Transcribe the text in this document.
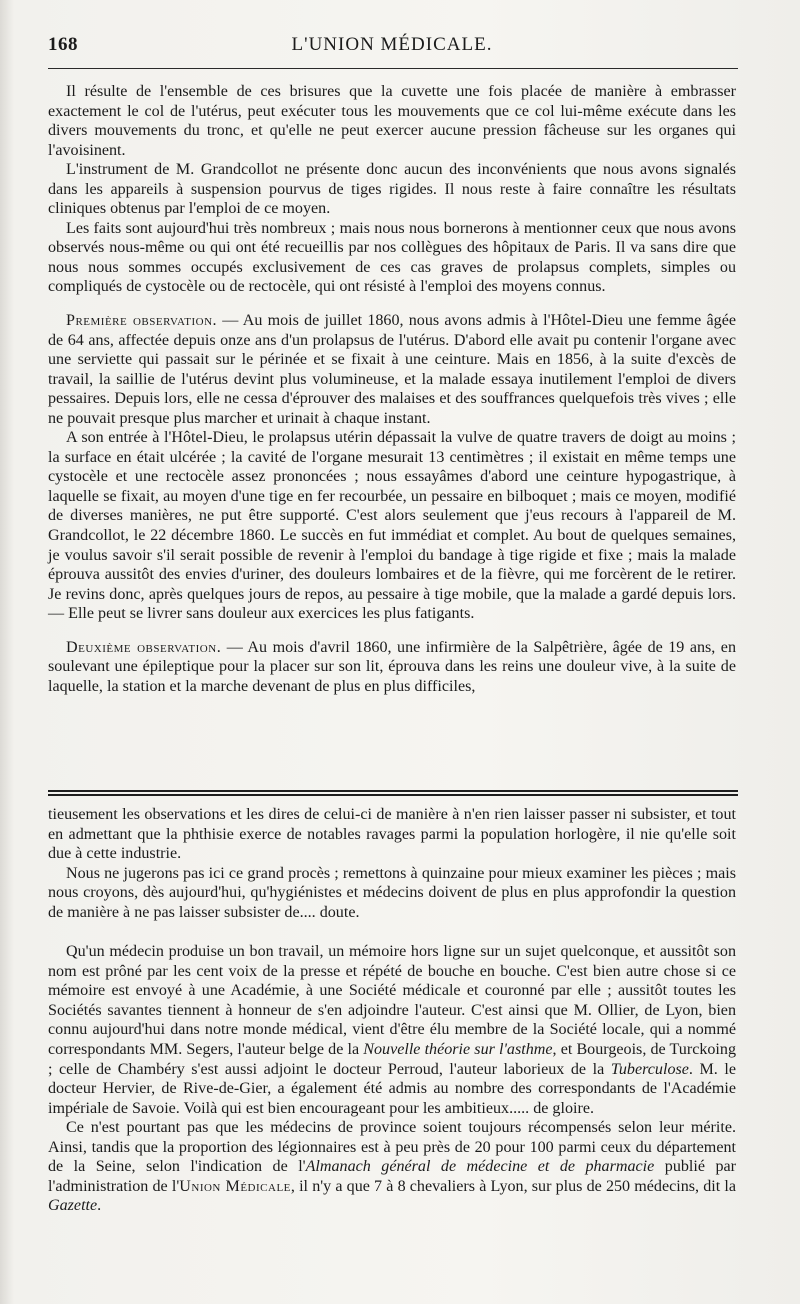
168	L'UNION MÉDICALE.

Il résulte de l'ensemble de ces brisures que la cuvette une fois placée de manière à embrasser exactement le col de l'utérus, peut exécuter tous les mouvements que ce col lui-même exécute dans les divers mouvements du tronc, et qu'elle ne peut exercer aucune pression fâcheuse sur les organes qui l'avoisinent.

L'instrument de M. Grandcollot ne présente donc aucun des inconvénients que nous avons signalés dans les appareils à suspension pourvus de tiges rigides. Il nous reste à faire connaître les résultats cliniques obtenus par l'emploi de ce moyen.

Les faits sont aujourd'hui très nombreux ; mais nous nous bornerons à mentionner ceux que nous avons observés nous-même ou qui ont été recueillis par nos collègues des hôpitaux de Paris. Il va sans dire que nous nous sommes occupés exclusivement de ces cas graves de prolapsus complets, simples ou compliqués de cystocèle ou de rectocèle, qui ont résisté à l'emploi des moyens connus.

Première observation. — Au mois de juillet 1860, nous avons admis à l'Hôtel-Dieu une femme âgée de 64 ans, affectée depuis onze ans d'un prolapsus de l'utérus. D'abord elle avait pu contenir l'organe avec une serviette qui passait sur le périnée et se fixait à une ceinture. Mais en 1856, à la suite d'excès de travail, la saillie de l'utérus devint plus volumineuse, et la malade essaya inutilement l'emploi de divers pessaires. Depuis lors, elle ne cessa d'éprouver des malaises et des souffrances quelquefois très vives ; elle ne pouvait presque plus marcher et urinait à chaque instant.

A son entrée à l'Hôtel-Dieu, le prolapsus utérin dépassait la vulve de quatre travers de doigt au moins ; la surface en était ulcérée ; la cavité de l'organe mesurait 13 centimètres ; il existait en même temps une cystocèle et une rectocèle assez prononcées ; nous essayâmes d'abord une ceinture hypogastrique, à laquelle se fixait, au moyen d'une tige en fer recourbée, un pessaire en bilboquet ; mais ce moyen, modifié de diverses manières, ne put être supporté. C'est alors seulement que j'eus recours à l'appareil de M. Grandcollot, le 22 décembre 1860. Le succès en fut immédiat et complet. Au bout de quelques semaines, je voulus savoir s'il serait possible de revenir à l'emploi du bandage à tige rigide et fixe ; mais la malade éprouva aussitôt des envies d'uriner, des douleurs lombaires et de la fièvre, qui me forcèrent de le retirer. Je revins donc, après quelques jours de repos, au pessaire à tige mobile, que la malade a gardé depuis lors. — Elle peut se livrer sans douleur aux exercices les plus fatigants.

Deuxième observation. — Au mois d'avril 1860, une infirmière de la Salpêtrière, âgée de 19 ans, en soulevant une épileptique pour la placer sur son lit, éprouva dans les reins une douleur vive, à la suite de laquelle, la station et la marche devenant de plus en plus difficiles,

tieusement les observations et les dires de celui-ci de manière à n'en rien laisser passer ni subsister, et tout en admettant que la phthisie exerce de notables ravages parmi la population horlogère, il nie qu'elle soit due à cette industrie.

Nous ne jugerons pas ici ce grand procès ; remettons à quinzaine pour mieux examiner les pièces ; mais nous croyons, dès aujourd'hui, qu'hygiénistes et médecins doivent de plus en plus approfondir la question de manière à ne pas laisser subsister de.... doute.

Qu'un médecin produise un bon travail, un mémoire hors ligne sur un sujet quelconque, et aussitôt son nom est prôné par les cent voix de la presse et répété de bouche en bouche. C'est bien autre chose si ce mémoire est envoyé à une Académie, à une Société médicale et couronné par elle ; aussitôt toutes les Sociétés savantes tiennent à honneur de s'en adjoindre l'auteur. C'est ainsi que M. Ollier, de Lyon, bien connu aujourd'hui dans notre monde médical, vient d'être élu membre de la Société locale, qui a nommé correspondants MM. Segers, l'auteur belge de la Nouvelle théorie sur l'asthme, et Bourgeois, de Turckoing ; celle de Chambéry s'est aussi adjoint le docteur Perroud, l'auteur laborieux de la Tuberculose. M. le docteur Hervier, de Rive-de-Gier, a également été admis au nombre des correspondants de l'Académie impériale de Savoie. Voilà qui est bien encourageant pour les ambitieux..... de gloire.

Ce n'est pourtant pas que les médecins de province soient toujours récompensés selon leur mérite. Ainsi, tandis que la proportion des légionnaires est à peu près de 20 pour 100 parmi ceux du département de la Seine, selon l'indication de l'Almanach général de médecine et de pharmacie publié par l'administration de l'Union Médicale, il n'y a que 7 à 8 chevaliers à Lyon, sur plus de 250 médecins, dit la Gazette.
